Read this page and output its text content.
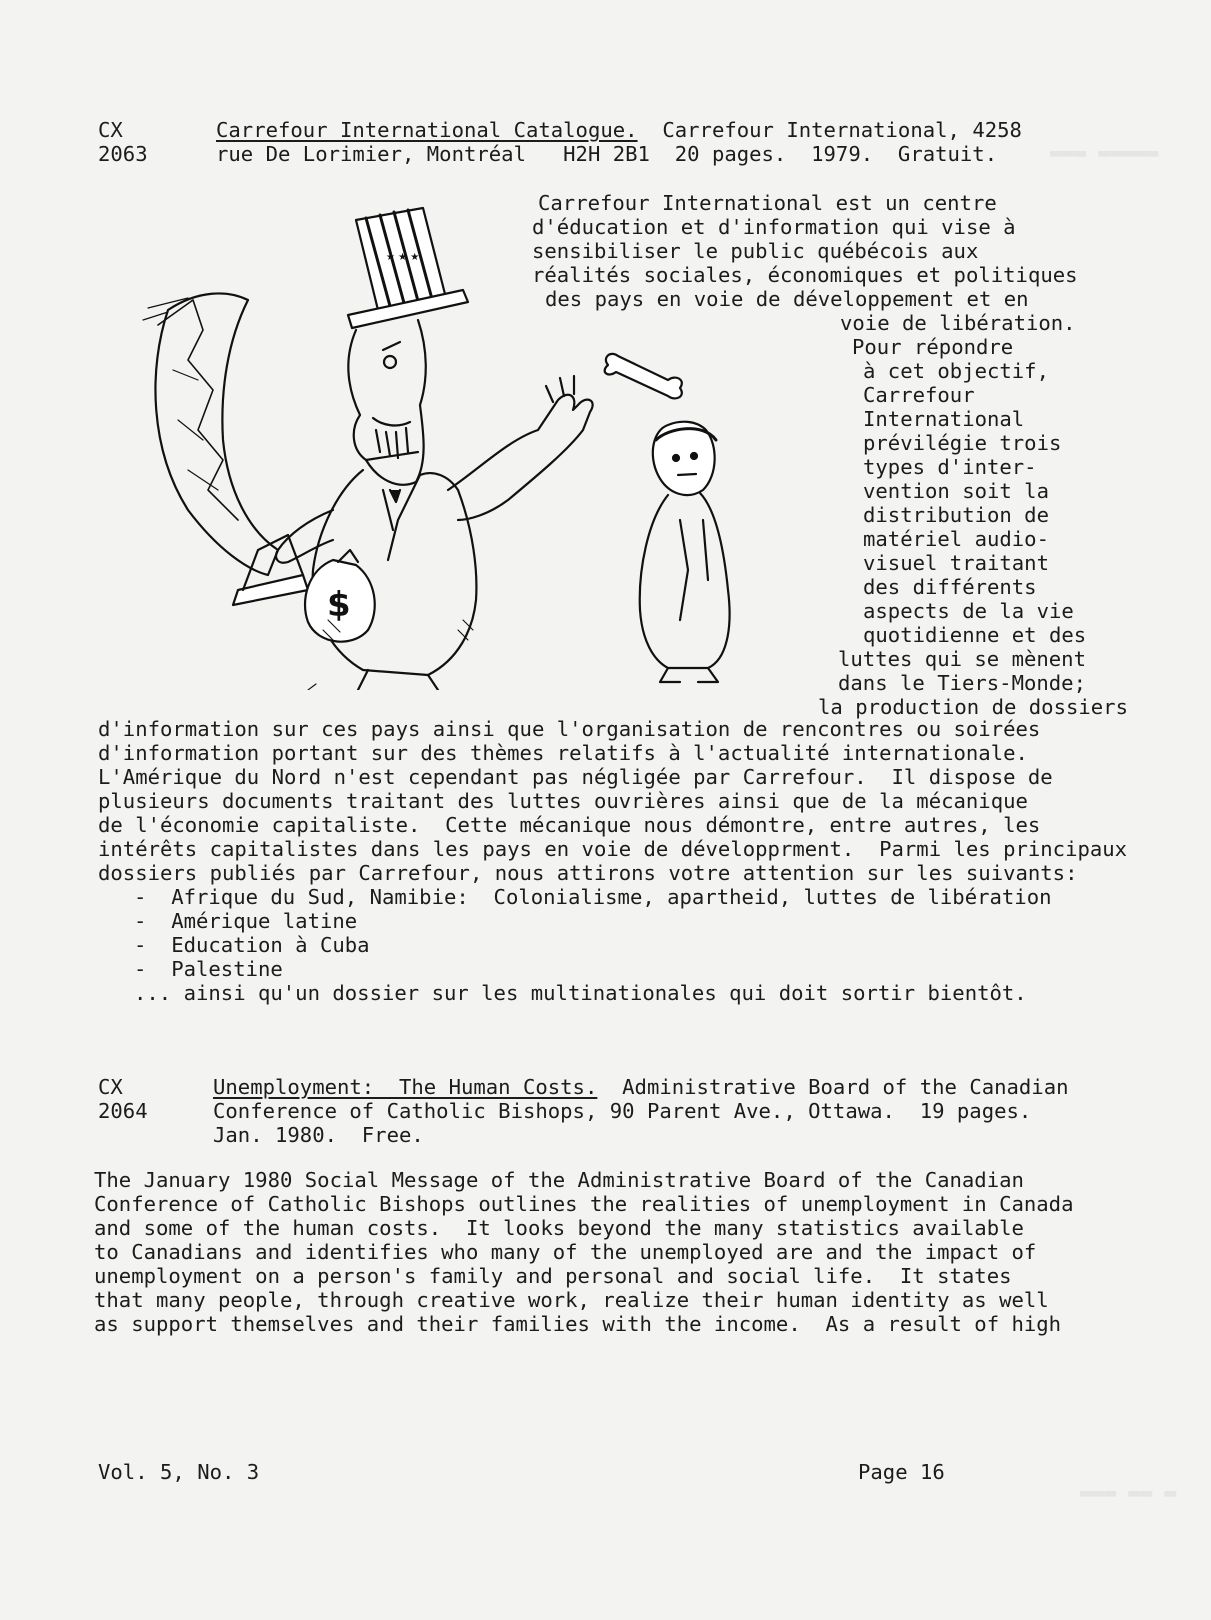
▬▬▬ ▬▬▬▬▬
▬▬▬ ▬▬ ▬
CX
2063
Carrefour International Catalogue.  Carrefour International, 4258
rue De Lorimier, Montréal   H2H 2B1  20 pages.  1979.  Gratuit.
Carrefour International est un centre
d'éducation et d'information qui vise à
sensibiliser le public québécois aux
réalités sociales, économiques et politiques
des pays en voie de développement et en
voie de libération.
Pour répondre
à cet objectif,
Carrefour
International
prévilégie trois
types d'inter-
vention soit la
distribution de
matériel audio-
visuel traitant
des différents
aspects de la vie
quotidienne et des
luttes qui se mènent
dans le Tiers-Monde;
la production de dossiers
★ ★ ★
$
d'information sur ces pays ainsi que l'organisation de rencontres ou soirées
d'information portant sur des thèmes relatifs à l'actualité internationale.
L'Amérique du Nord n'est cependant pas négligée par Carrefour.  Il dispose de
plusieurs documents traitant des luttes ouvrières ainsi que de la mécanique
de l'économie capitaliste.  Cette mécanique nous démontre, entre autres, les
intérêts capitalistes dans les pays en voie de développrment.  Parmi les principaux
dossiers publiés par Carrefour, nous attirons votre attention sur les suivants:
-  Afrique du Sud, Namibie:  Colonialisme, apartheid, luttes de libération
-  Amérique latine
-  Education à Cuba
-  Palestine
... ainsi qu'un dossier sur les multinationales qui doit sortir bientôt.
CX
2064
Unemployment:  The Human Costs.  Administrative Board of the Canadian
Conference of Catholic Bishops, 90 Parent Ave., Ottawa.  19 pages.
Jan. 1980.  Free.
The January 1980 Social Message of the Administrative Board of the Canadian
Conference of Catholic Bishops outlines the realities of unemployment in Canada
and some of the human costs.  It looks beyond the many statistics available
to Canadians and identifies who many of the unemployed are and the impact of
unemployment on a person's family and personal and social life.  It states
that many people, through creative work, realize their human identity as well
as support themselves and their families with the income.  As a result of high
Vol. 5, No. 3	Page 16
